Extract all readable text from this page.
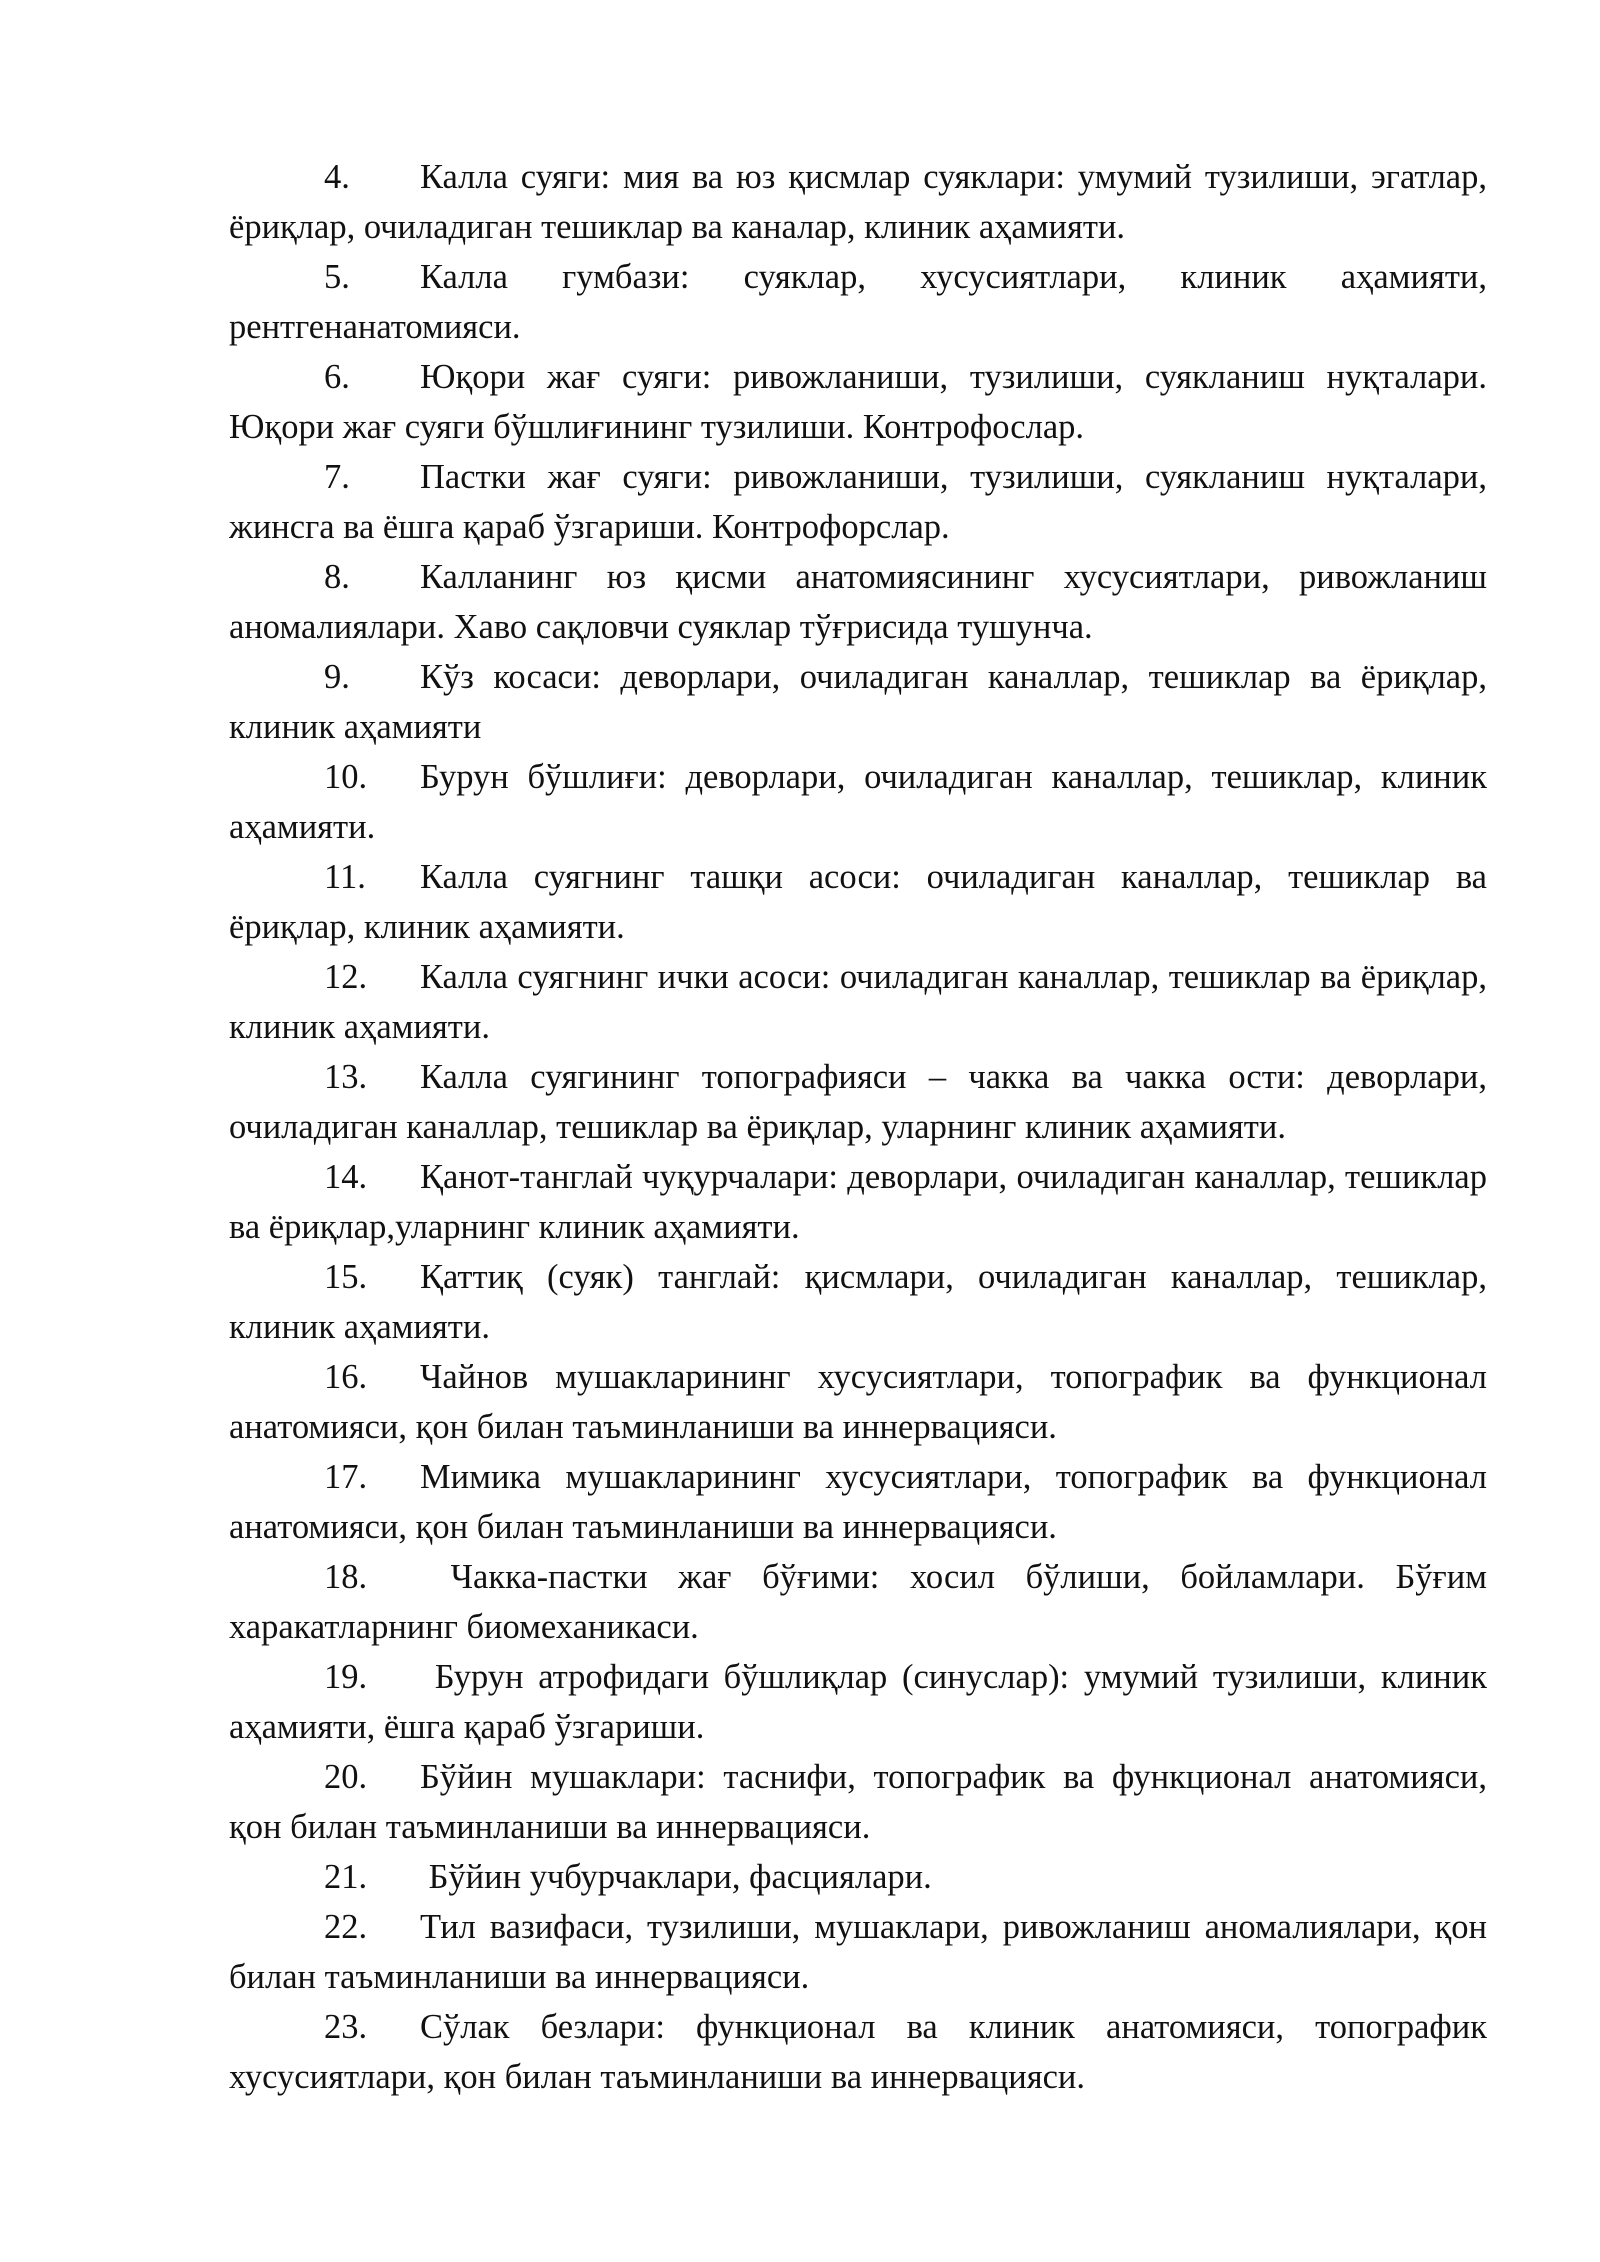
4. Калла суяги: мия ва юз қисмлар суяклари: умумий тузилиши, эгатлар, ёриқлар, очиладиган тешиклар ва каналар, клиник аҳамияти.

5. Калла гумбази: суяклар, хусусиятлари, клиник аҳамияти, рентгенанатомияси.

6. Юқори жағ суяги: ривожланиши, тузилиши, суякланиш нуқталари. Юқори жағ суяги бўшлиғининг тузилиши. Контрофослар.

7. Пастки жағ суяги: ривожланиши, тузилиши, суякланиш нуқталари, жинсга ва ёшга қараб ўзгариши. Контрофорслар.

8. Калланинг юз қисми анатомиясининг хусусиятлари, ривожланиш аномалиялари. Хаво сақловчи суяклар тўғрисида тушунча.

9. Кўз косаси: деворлари, очиладиган каналлар, тешиклар ва ёриқлар, клиник аҳамияти

10. Бурун бўшлиғи: деворлари, очиладиган каналлар, тешиклар, клиник аҳамияти.

11. Калла суягнинг ташқи асоси: очиладиган каналлар, тешиклар ва ёриқлар, клиник аҳамияти.

12. Калла суягнинг ички асоси: очиладиган каналлар, тешиклар ва ёриқлар, клиник аҳамияти.

13. Калла суягининг топографияси – чакка ва чакка ости: деворлари, очиладиган каналлар, тешиклар ва ёриқлар, уларнинг клиник аҳамияти.

14. Қанот-танглай чуқурчалари: деворлари, очиладиган каналлар, тешиклар ва ёриқлар,уларнинг клиник аҳамияти.

15. Қаттиқ (суяк) танглай: қисмлари, очиладиган каналлар, тешиклар, клиник аҳамияти.

16. Чайнов мушакларининг хусусиятлари, топографик ва функционал анатомияси, қон билан таъминланиши ва иннервацияси.

17. Мимика мушакларининг хусусиятлари, топографик ва функционал анатомияси, қон билан таъминланиши ва иннервацияси.

18. Чакка-пастки жағ бўғими: хосил бўлиши, бойламлари. Бўғим харакатларнинг биомеханикаси.

19. Бурун атрофидаги бўшлиқлар (синуслар): умумий тузилиши, клиник аҳамияти, ёшга қараб ўзгариши.

20. Бўйин мушаклари: таснифи, топографик ва функционал анатомияси, қон билан таъминланиши ва иннервацияси.

21. Бўйин учбурчаклари, фасциялари.

22. Тил вазифаси, тузилиши, мушаклари, ривожланиш аномалиялари, қон билан таъминланиши ва иннервацияси.

23. Сўлак безлари: функционал ва клиник анатомияси, топографик хусусиятлари, қон билан таъминланиши ва иннервацияси.
